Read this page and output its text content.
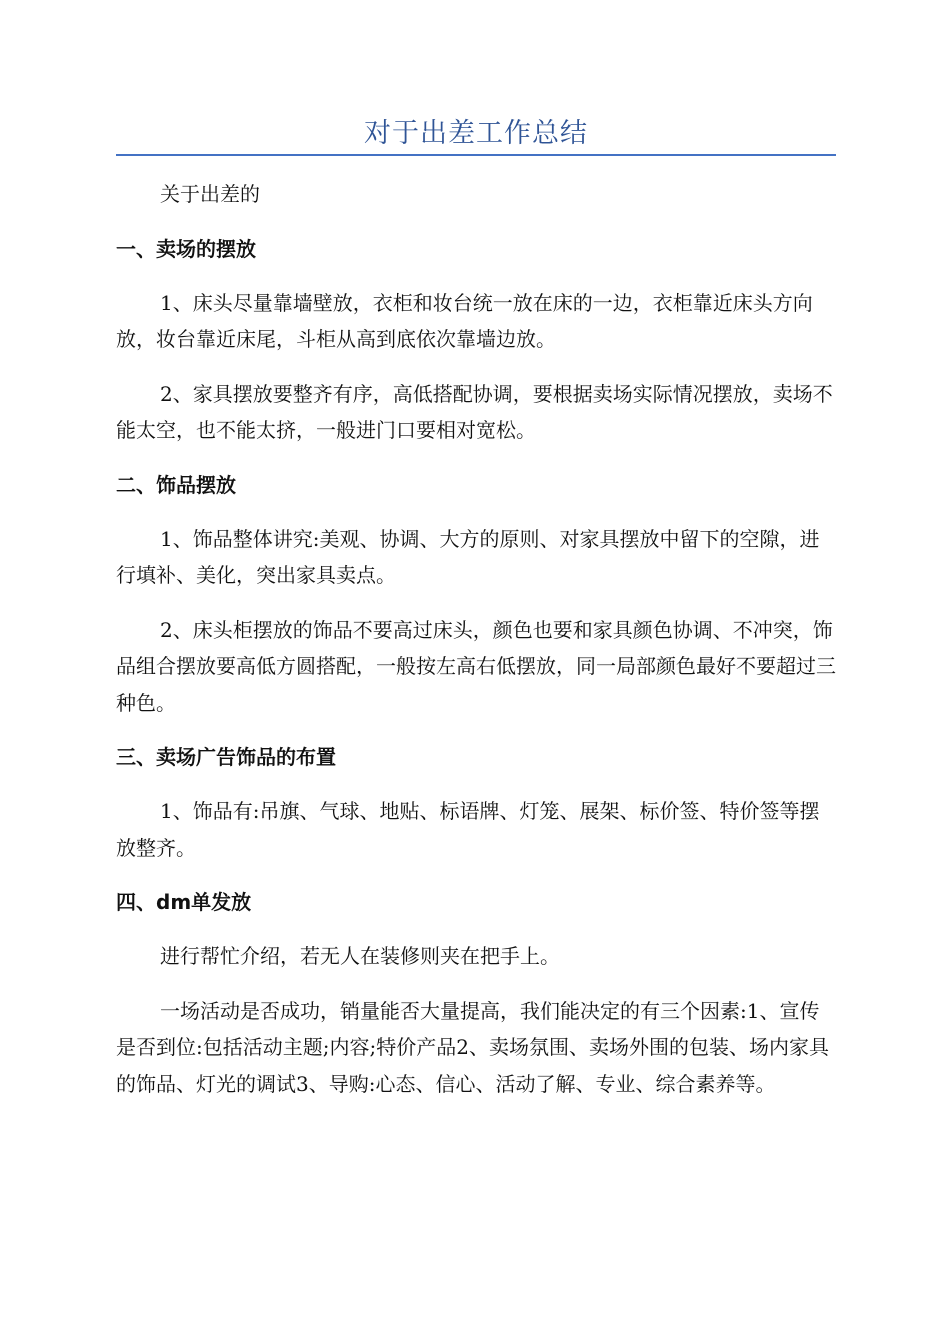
对于出差工作总结

关于出差的

一、卖场的摆放

1、床头尽量靠墙壁放，衣柜和妆台统一放在床的一边，衣柜靠近床头方向放，妆台靠近床尾，斗柜从高到底依次靠墙边放。

2、家具摆放要整齐有序，高低搭配协调，要根据卖场实际情况摆放，卖场不能太空，也不能太挤，一般进门口要相对宽松。

二、饰品摆放

1、饰品整体讲究:美观、协调、大方的原则、对家具摆放中留下的空隙，进行填补、美化，突出家具卖点。

2、床头柜摆放的饰品不要高过床头，颜色也要和家具颜色协调、不冲突，饰品组合摆放要高低方圆搭配，一般按左高右低摆放，同一局部颜色最好不要超过三种色。

三、卖场广告饰品的布置

1、饰品有:吊旗、气球、地贴、标语牌、灯笼、展架、标价签、特价签等摆放整齐。

四、dm单发放

进行帮忙介绍，若无人在装修则夹在把手上。

一场活动是否成功，销量能否大量提高，我们能决定的有三个因素:1、宣传是否到位:包括活动主题;内容;特价产品2、卖场氛围、卖场外围的包装、场内家具的饰品、灯光的调试3、导购:心态、信心、活动了解、专业、综合素养等。
